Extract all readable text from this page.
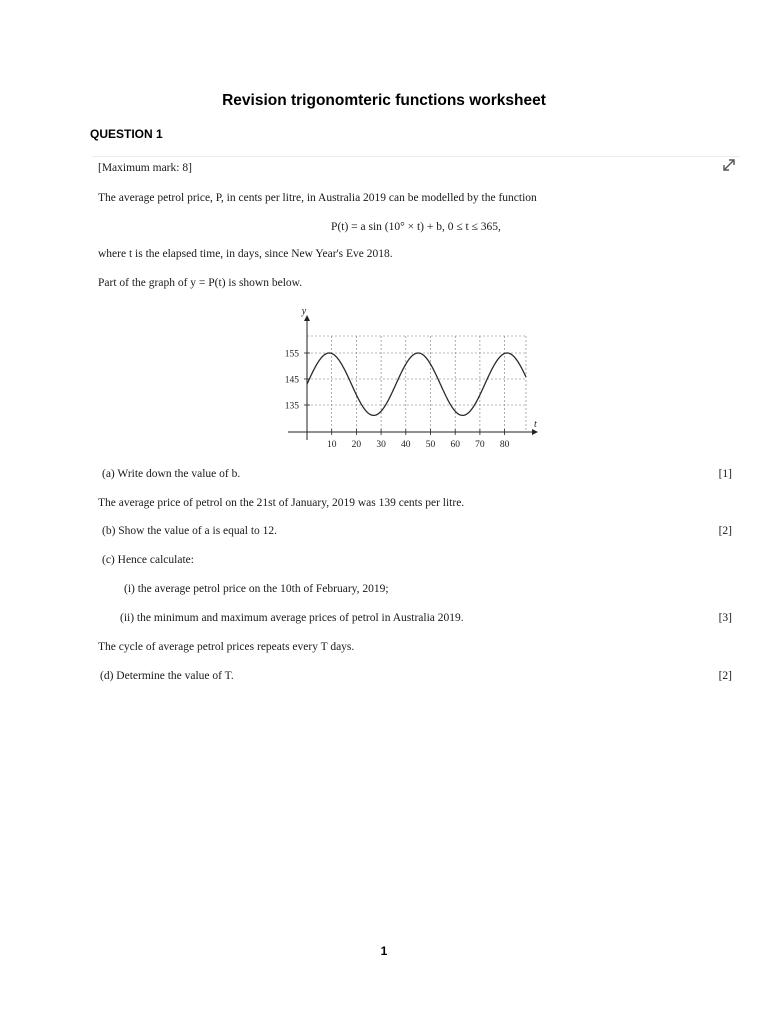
Revision trigonomteric functions worksheet
QUESTION 1
[Maximum mark: 8]
The average petrol price, P, in cents per litre, in Australia 2019 can be modelled by the function
P(t) = a sin (10° × t) + b, 0 ≤ t ≤ 365,
where t is the elapsed time, in days, since New Year's Eve 2018.
Part of the graph of y = P(t) is shown below.
10 20 30 40 50 60 70 80
135
145
155
t
y
(a) Write down the value of b.	[1]
The average price of petrol on the 21st of January, 2019 was 139 cents per litre.
(b) Show the value of a is equal to 12.	[2]
(c) Hence calculate:
(i) the average petrol price on the 10th of February, 2019;
(ii) the minimum and maximum average prices of petrol in Australia 2019.	[3]
The cycle of average petrol prices repeats every T days.
(d) Determine the value of T.	[2]
1
